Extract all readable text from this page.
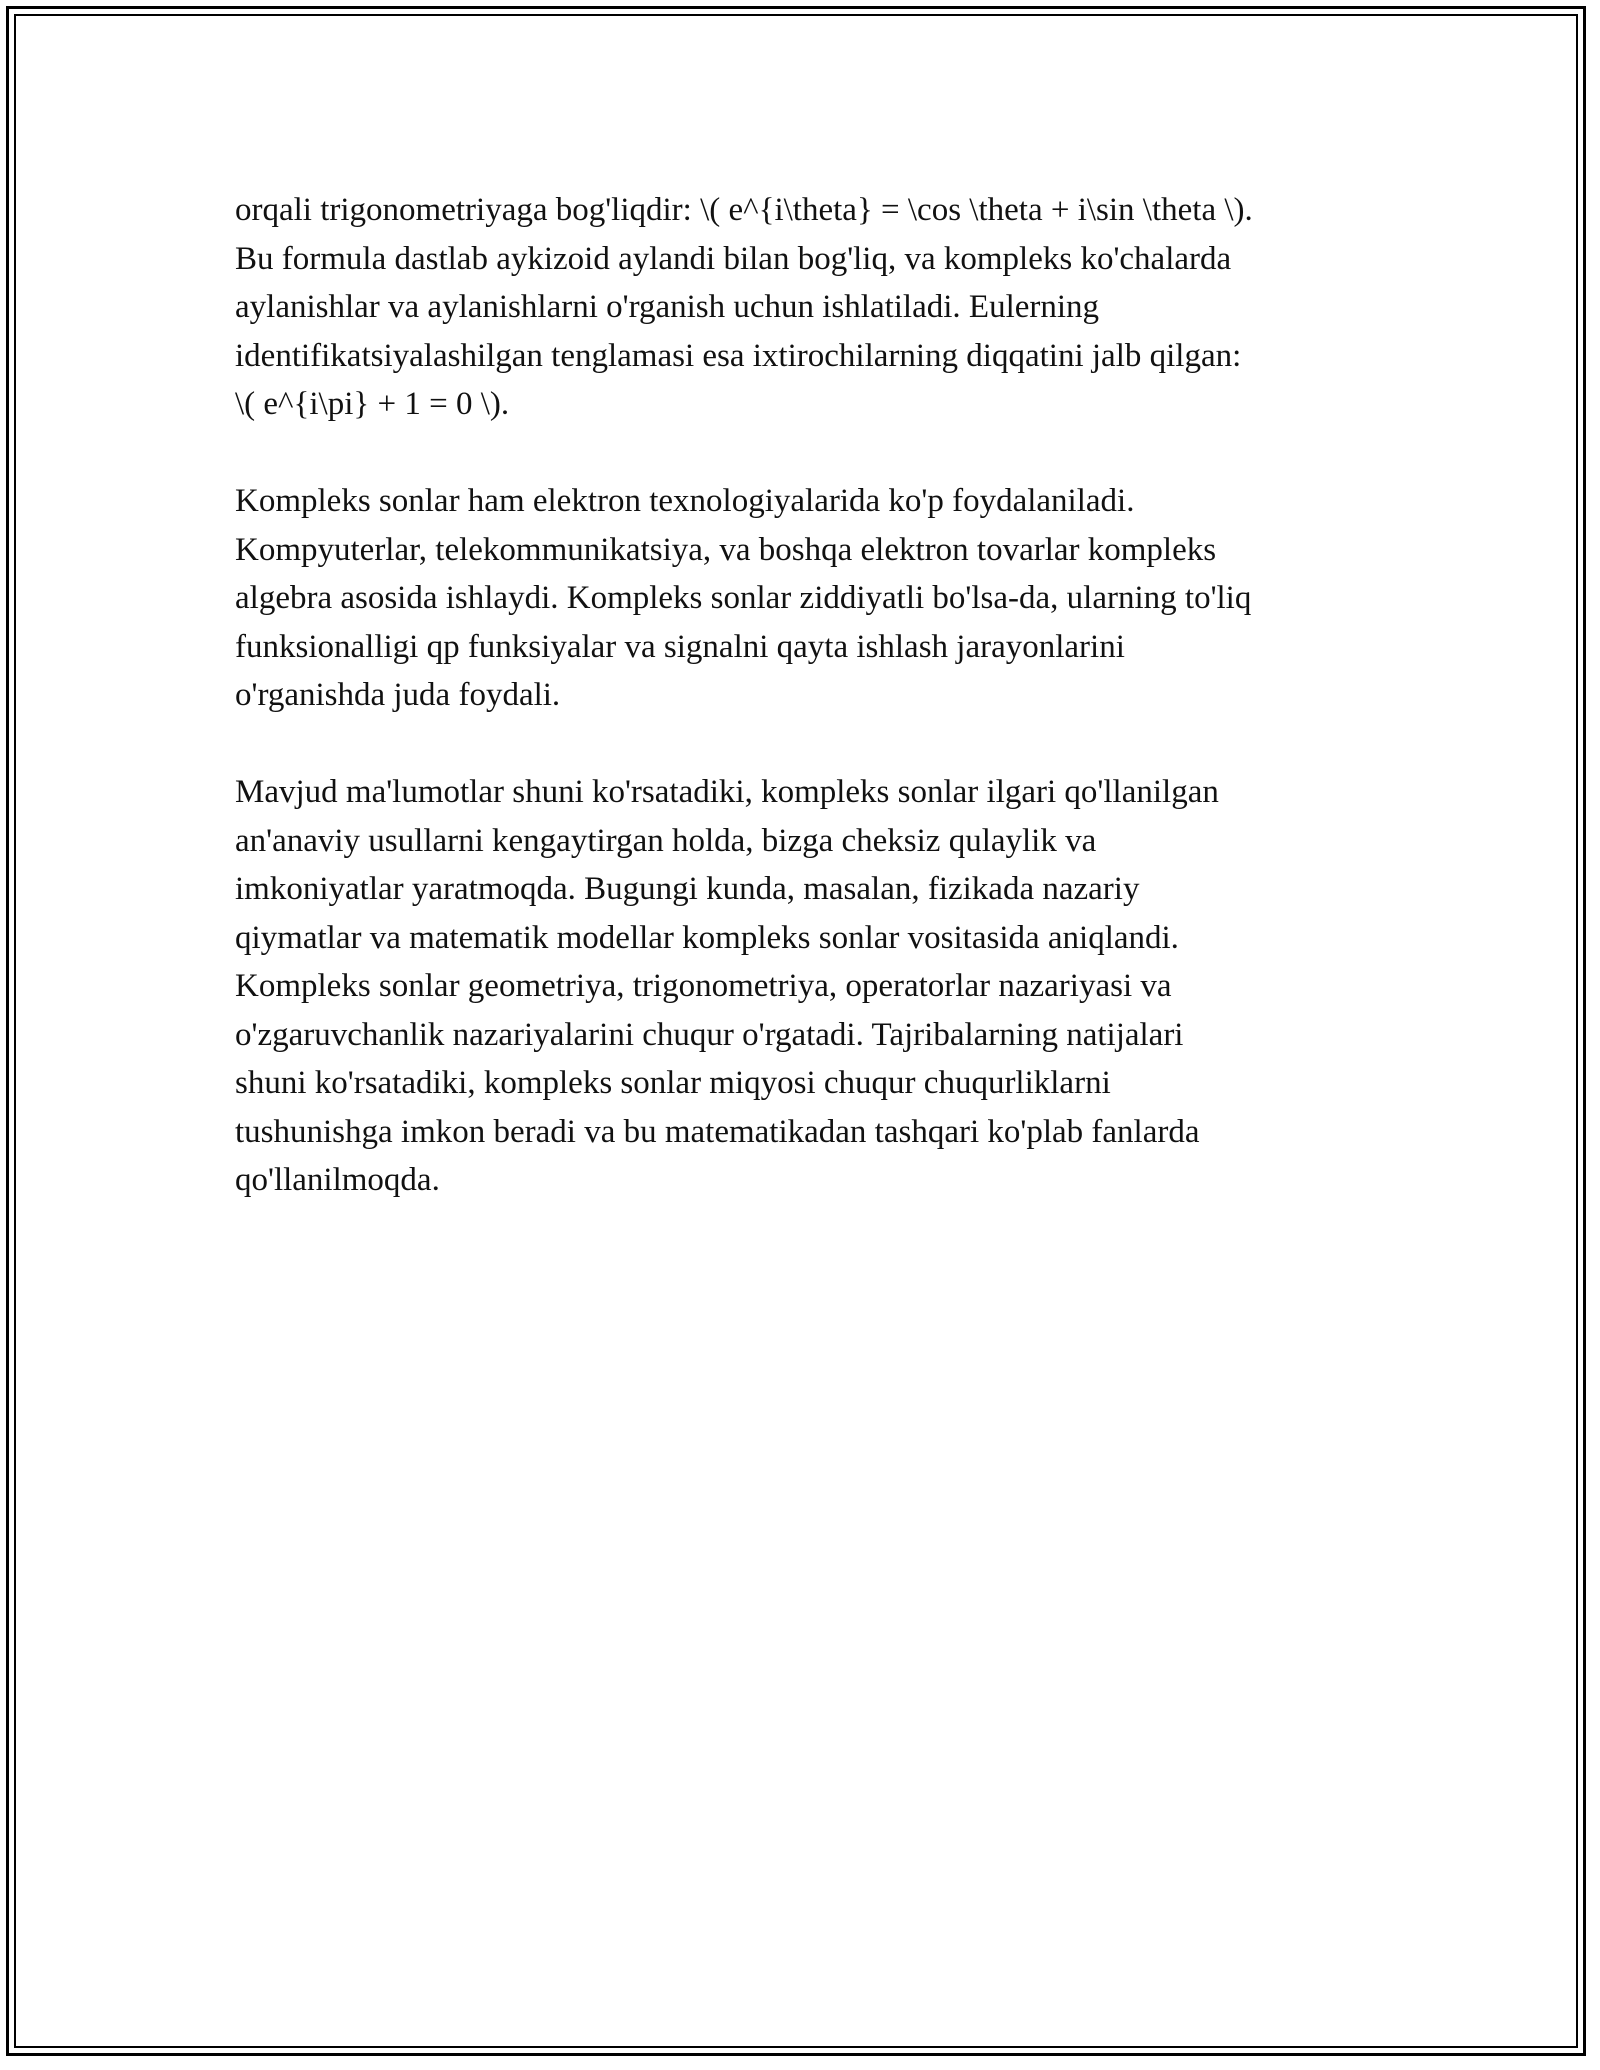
orqali trigonometriyaga bog'liqdir: \( e^{i\theta} = \cos \theta + i\sin \theta \).
Bu formula dastlab aykizoid aylandi bilan bog'liq, va kompleks ko'chalarda
aylanishlar va aylanishlarni o'rganish uchun ishlatiladi. Eulerning
identifikatsiyalashilgan tenglamasi esa ixtirochilarning diqqatini jalb qilgan:
\( e^{i\pi} + 1 = 0 \).

Kompleks sonlar ham elektron texnologiyalarida ko'p foydalaniladi.
Kompyuterlar, telekommunikatsiya, va boshqa elektron tovarlar kompleks
algebra asosida ishlaydi. Kompleks sonlar ziddiyatli bo'lsa-da, ularning to'liq
funksionalligi qp funksiyalar va signalni qayta ishlash jarayonlarini
o'rganishda juda foydali.

Mavjud ma'lumotlar shuni ko'rsatadiki, kompleks sonlar ilgari qo'llanilgan
an'anaviy usullarni kengaytirgan holda, bizga cheksiz qulaylik va
imkoniyatlar yaratmoqda. Bugungi kunda, masalan, fizikada nazariy
qiymatlar va matematik modellar kompleks sonlar vositasida aniqlandi.
Kompleks sonlar geometriya, trigonometriya, operatorlar nazariyasi va
o'zgaruvchanlik nazariyalarini chuqur o'rgatadi. Tajribalarning natijalari
shuni ko'rsatadiki, kompleks sonlar miqyosi chuqur chuqurliklarni
tushunishga imkon beradi va bu matematikadan tashqari ko'plab fanlarda
qo'llanilmoqda.
